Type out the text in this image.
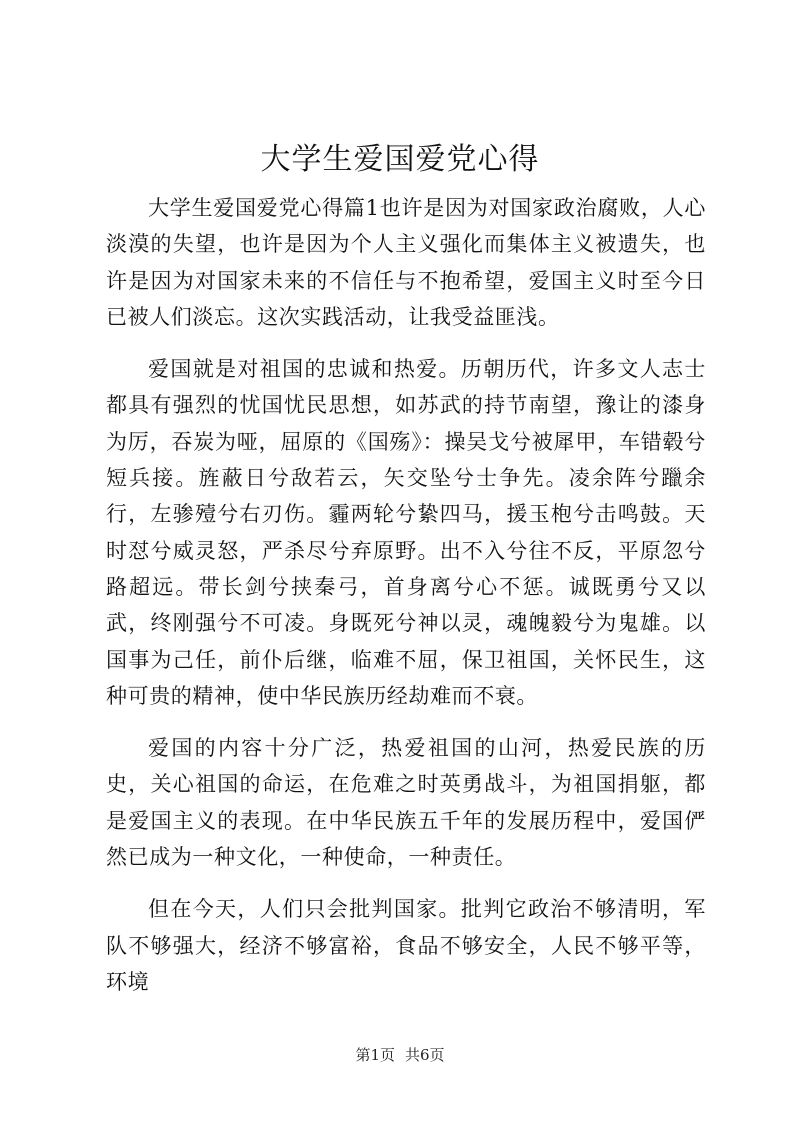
大学生爱国爱党心得

大学生爱国爱党心得篇1也许是因为对国家政治腐败，人心淡漠的失望，也许是因为个人主义强化而集体主义被遗失，也许是因为对国家未来的不信任与不抱希望，爱国主义时至今日已被人们淡忘。这次实践活动，让我受益匪浅。

爱国就是对祖国的忠诚和热爱。历朝历代，许多文人志士都具有强烈的忧国忧民思想，如苏武的持节南望，豫让的漆身为厉，吞炭为哑，屈原的《国殇》：操吴戈兮被犀甲，车错毂兮短兵接。旌蔽日兮敌若云，矢交坠兮士争先。凌余阵兮躐余行，左骖殪兮右刃伤。霾两轮兮絷四马，援玉枹兮击鸣鼓。天时怼兮威灵怒，严杀尽兮弃原野。出不入兮往不反，平原忽兮路超远。带长剑兮挟秦弓，首身离兮心不惩。诚既勇兮又以武，终刚强兮不可凌。身既死兮神以灵，魂魄毅兮为鬼雄。以国事为己任，前仆后继，临难不屈，保卫祖国，关怀民生，这种可贵的精神，使中华民族历经劫难而不衰。

爱国的内容十分广泛，热爱祖国的山河，热爱民族的历史，关心祖国的命运，在危难之时英勇战斗，为祖国捐躯，都是爱国主义的表现。在中华民族五千年的发展历程中，爱国俨然已成为一种文化，一种使命，一种责任。

但在今天，人们只会批判国家。批判它政治不够清明，军队不够强大，经济不够富裕，食品不够安全，人民不够平等，环境

第1页 共6页
